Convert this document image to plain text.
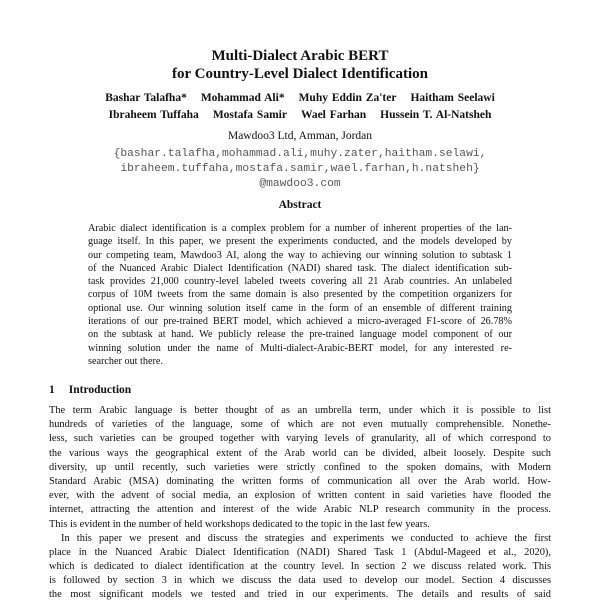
Multi-Dialect Arabic BERT
for Country-Level Dialect Identification
Bashar Talafha* Mohammad Ali* Muhy Eddin Za'ter Haitham Seelawi
Ibraheem Tuffaha Mostafa Samir Wael Farhan Hussein T. Al-Natsheh
Mawdoo3 Ltd, Amman, Jordan
{bashar.talafha,mohammad.ali,muhy.zater,haitham.selawi,
ibraheem.tuffaha,mostafa.samir,wael.farhan,h.natsheh}
@mawdoo3.com
Abstract
Arabic dialect identification is a complex problem for a number of inherent properties of the lan-
guage itself. In this paper, we present the experiments conducted, and the models developed by
our competing team, Mawdoo3 AI, along the way to achieving our winning solution to subtask 1
of the Nuanced Arabic Dialect Identification (NADI) shared task. The dialect identification sub-
task provides 21,000 country-level labeled tweets covering all 21 Arab countries. An unlabeled
corpus of 10M tweets from the same domain is also presented by the competition organizers for
optional use. Our winning solution itself came in the form of an ensemble of different training
iterations of our pre-trained BERT model, which achieved a micro-averaged F1-score of 26.78%
on the subtask at hand. We publicly release the pre-trained language model component of our
winning solution under the name of Multi-dialect-Arabic-BERT model, for any interested re-
searcher out there.
1 Introduction
The term Arabic language is better thought of as an umbrella term, under which it is possible to list
hundreds of varieties of the language, some of which are not even mutually comprehensible. Nonethe-
less, such varieties can be grouped together with varying levels of granularity, all of which correspond to
the various ways the geographical extent of the Arab world can be divided, albeit loosely. Despite such
diversity, up until recently, such varieties were strictly confined to the spoken domains, with Modern
Standard Arabic (MSA) dominating the written forms of communication all over the Arab world. How-
ever, with the advent of social media, an explosion of written content in said varieties have flooded the
internet, attracting the attention and interest of the wide Arabic NLP research community in the process.
This is evident in the number of held workshops dedicated to the topic in the last few years.
In this paper we present and discuss the strategies and experiments we conducted to achieve the first
place in the Nuanced Arabic Dialect Identification (NADI) Shared Task 1 (Abdul-Mageed et al., 2020),
which is dedicated to dialect identification at the country level. In section 2 we discuss related work. This
is followed by section 3 in which we discuss the data used to develop our model. Section 4 discusses
the most significant models we tested and tried in our experiments. The details and results of said
